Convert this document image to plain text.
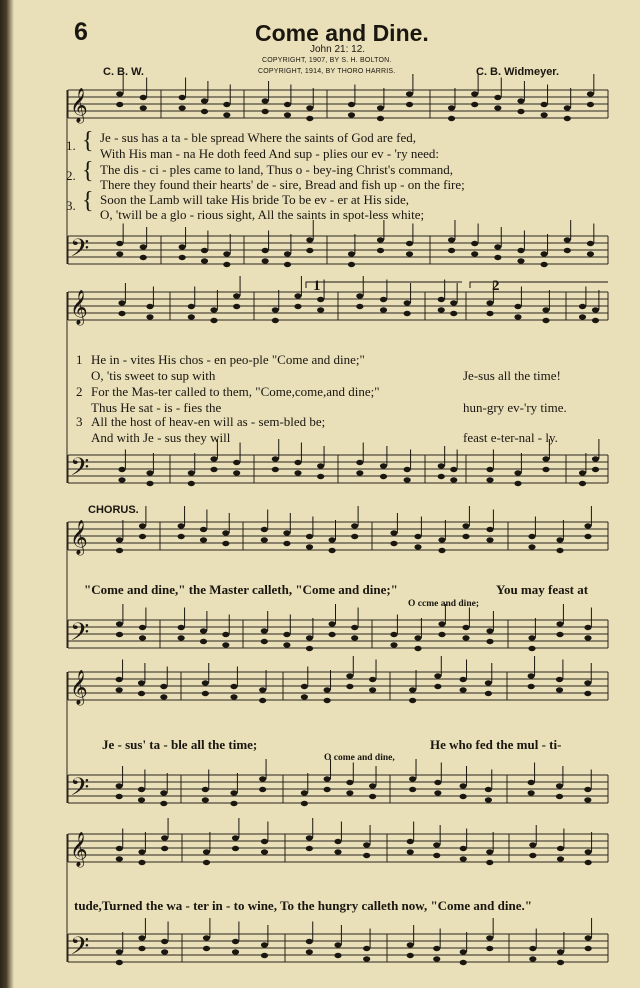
6	Come and Dine.
John 21: 12.
COPYRIGHT, 1907, BY S. H. BOLTON.
COPYRIGHT, 1914, BY THORO HARRIS.
C. B. W.	C. B. Widmeyer.
𝄞
𝄢
𝄞
𝄢
𝄞
𝄢
𝄞
𝄢
𝄞
𝄢
1.
2.
3.
{
{
{
Je - sus has a ta - ble spread Where the saints of God are fed,
With His man - na He doth feed And sup - plies our ev - 'ry need:
The dis - ci - ples came to land, Thus o - bey-ing Christ's command,
There they found their hearts' de - sire, Bread and fish up - on the fire;
Soon the Lamb will take His bride To be ev - er at His side,
O, 'twill be a glo - rious sight, All the saints in spot-less white;
1	2
1 He in - vites His chos - en peo-ple "Come and dine;"
O, 'tis sweet to sup with
2 For the Mas-ter called to them, "Come,come,and dine;"
Thus He sat - is - fies the
3 All the host of heav-en will as - sem-bled be;
And with Je - sus they will
Je-sus all the time!
hun-gry ev-'ry time.
feast e-ter-nal - ly.
CHORUS.
"Come and dine," the Master calleth, "Come and dine;"	You may feast at
O ccme and dine;
Je - sus' ta - ble all the time;	He who fed the mul - ti-
O come and dine,
tude,Turned the wa - ter in - to wine, To the hungry calleth now, "Come and dine."
